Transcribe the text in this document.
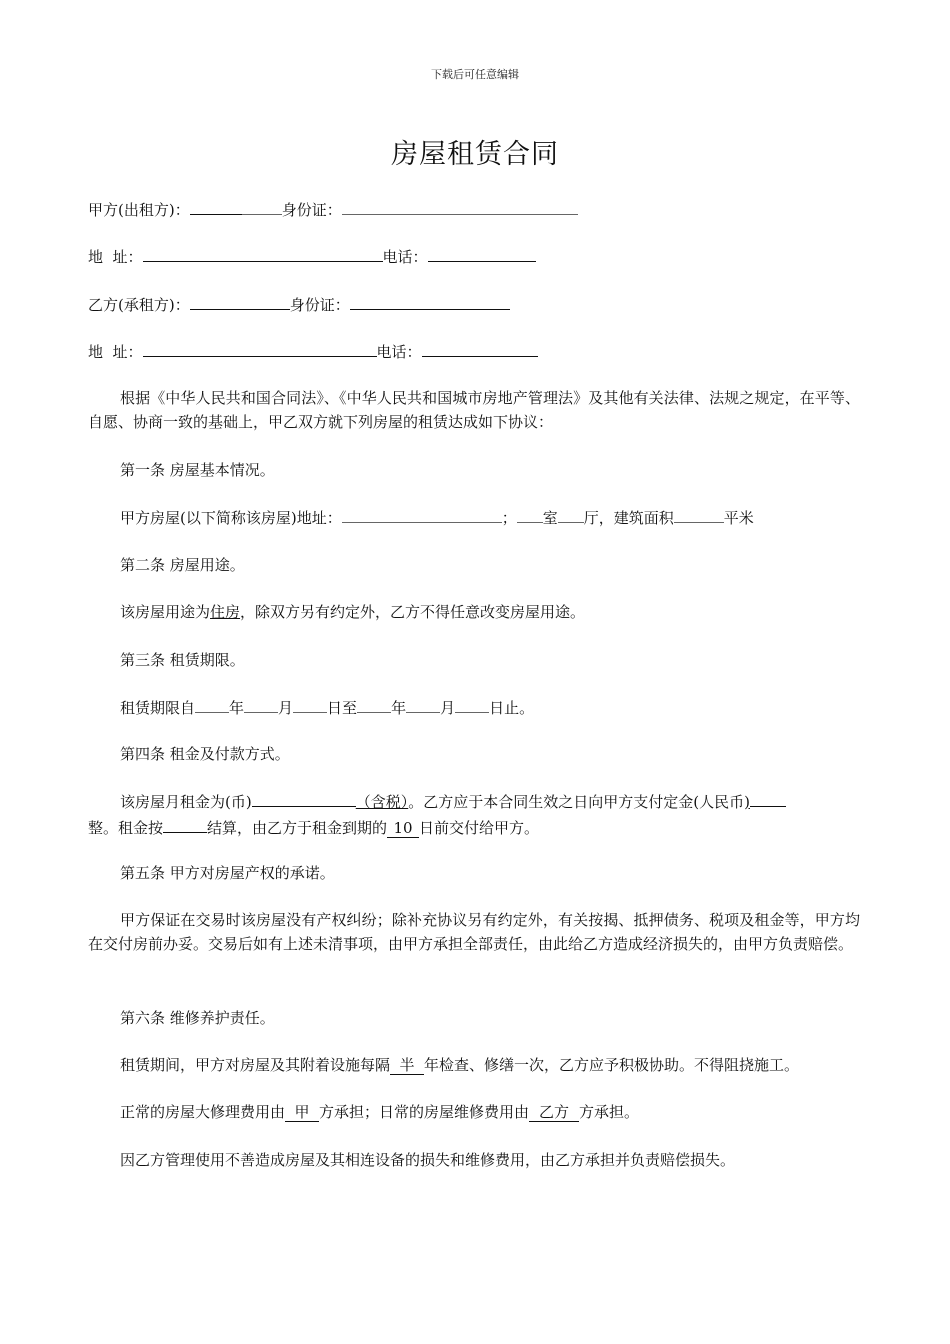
下载后可任意编辑
房屋租赁合同
甲方(出租方)：	身份证：
地  址：	电话：
乙方(承租方)：	身份证：
地  址：	电话：
根据《中华人民共和国合同法》、《中华人民共和国城市房地产管理法》及其他有关法律、法规之规定，在平等、自愿、协商一致的基础上，甲乙双方就下列房屋的租赁达成如下协议：
第一条 房屋基本情况。
甲方房屋(以下简称该房屋)地址：	； 室 厅，建筑面积	平米
第二条 房屋用途。
该房屋用途为住房，除双方另有约定外，乙方不得任意改变房屋用途。
第三条 租赁期限。
租赁期限自 年 月 日至 年 月 日止。
第四条 租金及付款方式。
该房屋月租金为(币)	（含税）。乙方应于本合同生效之日向甲方支付定金(人民币)
整。租金按	结算，由乙方于租金到期的 10 日前交付给甲方。
第五条 甲方对房屋产权的承诺。
甲方保证在交易时该房屋没有产权纠纷；除补充协议另有约定外，有关按揭、抵押债务、税项及租金等，甲方均在交付房前办妥。交易后如有上述未清事项，由甲方承担全部责任，由此给乙方造成经济损失的，由甲方负责赔偿。
第六条 维修养护责任。
租赁期间，甲方对房屋及其附着设施每隔 半 年检查、修缮一次，乙方应予积极协助。不得阻挠施工。
正常的房屋大修理费用由 甲 方承担；日常的房屋维修费用由 乙方 方承担。
因乙方管理使用不善造成房屋及其相连设备的损失和维修费用，由乙方承担并负责赔偿损失。
